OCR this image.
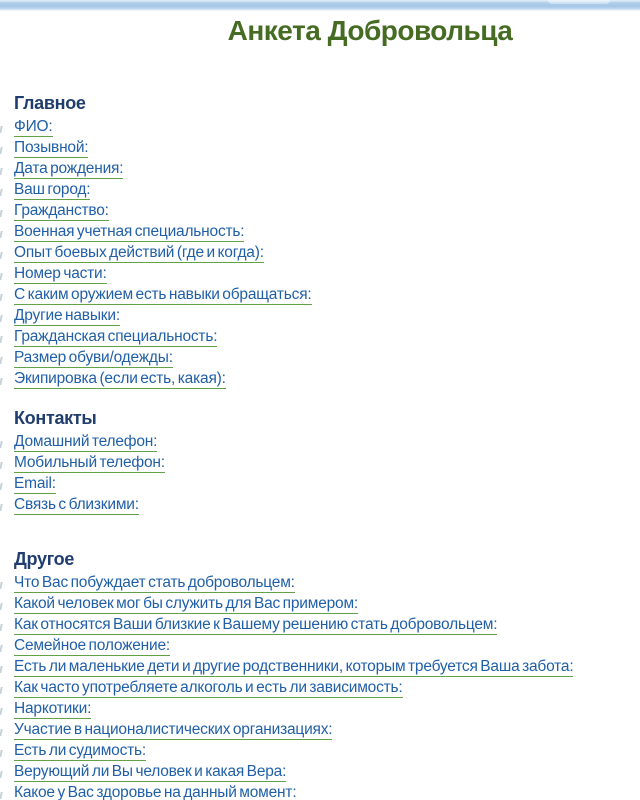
Анкета Добровольца
Главное
ФИО:
Позывной:
Дата рождения:
Ваш город:
Гражданство:
Военная учетная специальность:
Опыт боевых действий (где и когда):
Номер части:
С каким оружием есть навыки обращаться:
Другие навыки:
Гражданская специальность:
Размер обуви/одежды:
Экипировка (если есть, какая):
Контакты
Домашний телефон:
Мобильный телефон:
Email:
Связь с близкими:
Другое
Что Вас побуждает стать добровольцем:
Какой человек мог бы служить для Вас примером:
Как относятся Ваши близкие к Вашему решению стать добровольцем:
Семейное положение:
Есть ли маленькие дети и другие родственники, которым требуется Ваша забота:
Как часто употребляете алкоголь и есть ли зависимость:
Наркотики:
Участие в националистических организациях:
Есть ли судимость:
Верующий ли Вы человек и какая Вера:
Какое у Вас здоровье на данный момент:
